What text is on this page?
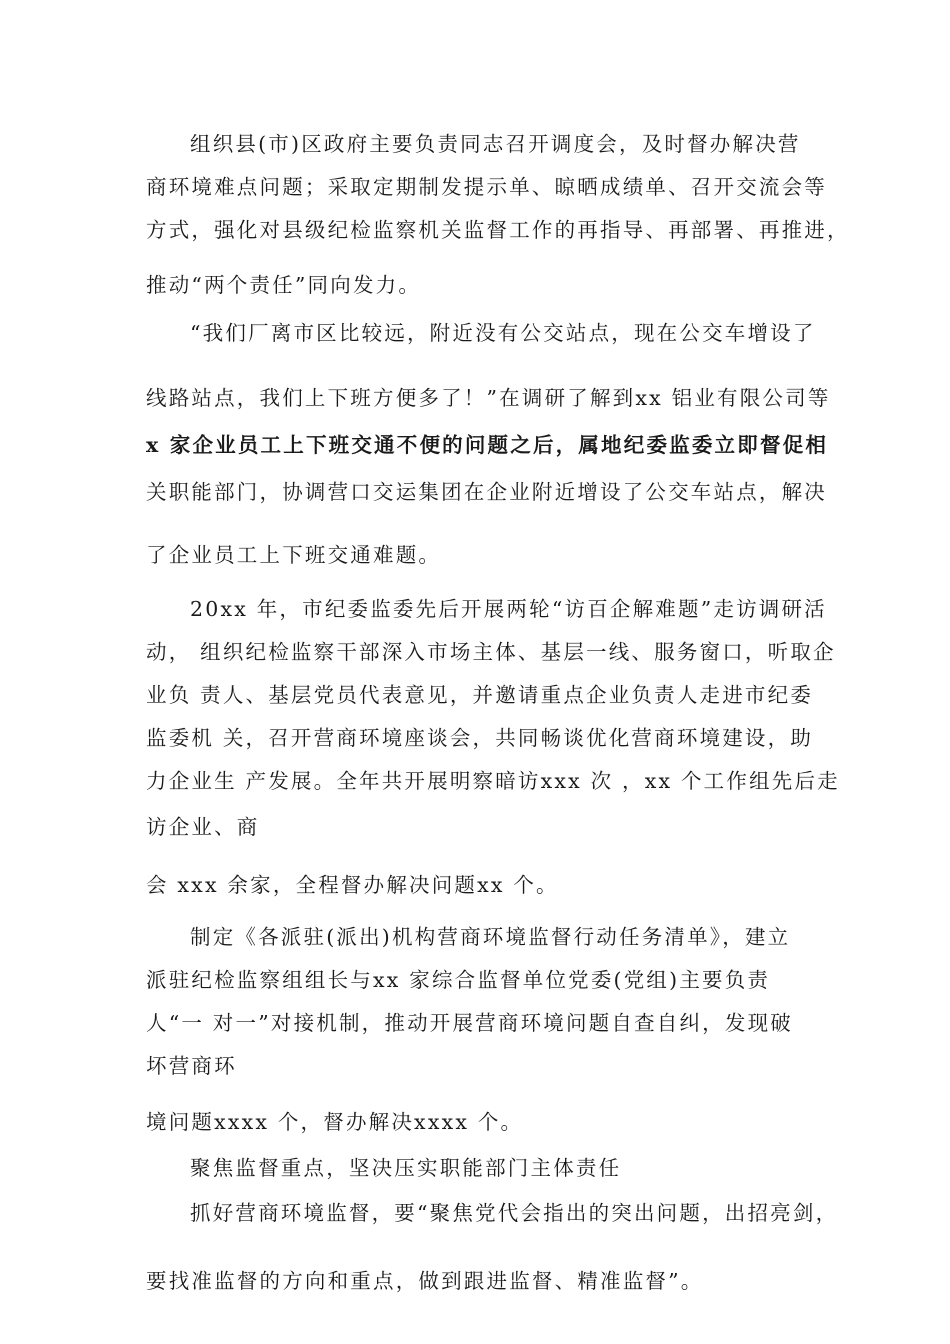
组织县(市)区政府主要负责同志召开调度会，及时督办解决营
商环境难点问题；采取定期制发提示单、晾晒成绩单、召开交流会等
方式，强化对县级纪检监察机关监督工作的再指导、再部署、再推进，
推动“两个责任”同向发力。
“我们厂离市区比较远，附近没有公交站点，现在公交车增设了
线路站点，我们上下班方便多了！”在调研了解到xx 铝业有限公司等
x 家企业员工上下班交通不便的问题之后，属地纪委监委立即督促相
关职能部门，协调营口交运集团在企业附近增设了公交车站点，解决
了企业员工上下班交通难题。
20xx 年，市纪委监委先后开展两轮“访百企解难题”走访调研活
动， 组织纪检监察干部深入市场主体、基层一线、服务窗口，听取企
业负 责人、基层党员代表意见，并邀请重点企业负责人走进市纪委
监委机 关，召开营商环境座谈会，共同畅谈优化营商环境建设，助
力企业生 产发展。全年共开展明察暗访xxx 次 ，xx 个工作组先后走
访企业、商
会 xxx 余家，全程督办解决问题xx 个。
制定《各派驻(派出)机构营商环境监督行动任务清单》，建立
派驻纪检监察组组长与xx 家综合监督单位党委(党组)主要负责
人“一 对一”对接机制，推动开展营商环境问题自查自纠，发现破
坏营商环
境问题xxxx 个，督办解决xxxx 个。
聚焦监督重点，坚决压实职能部门主体责任
抓好营商环境监督，要“聚焦党代会指出的突出问题，出招亮剑，
要找准监督的方向和重点，做到跟进监督、精准监督”。
